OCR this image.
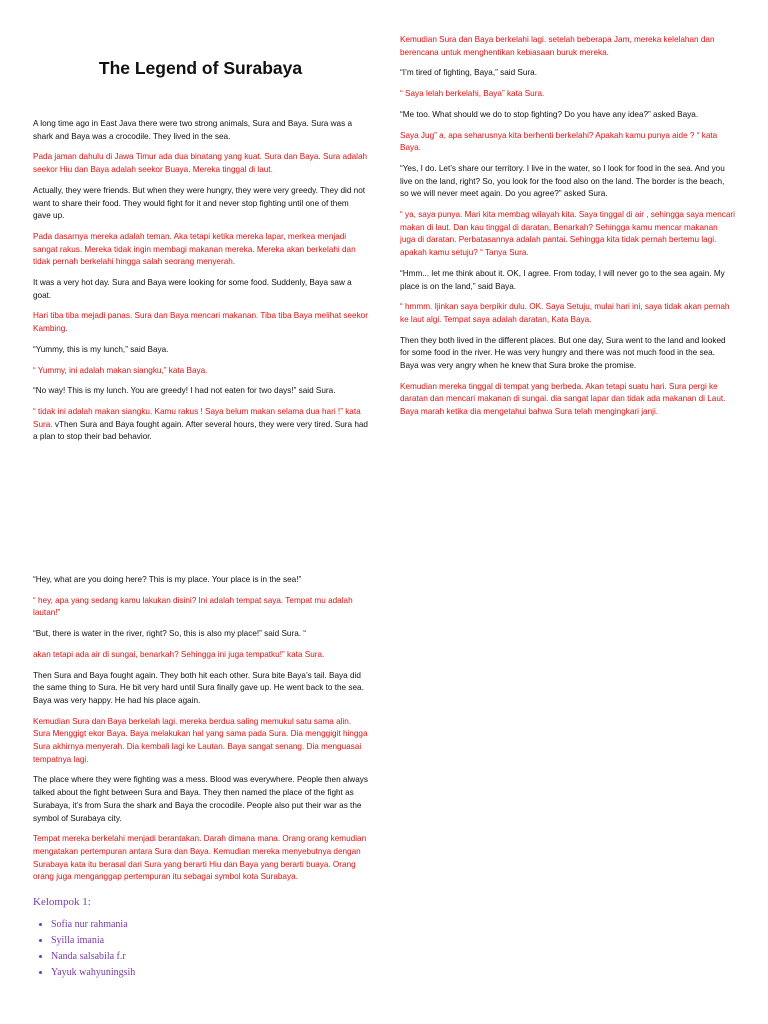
The Legend of Surabaya

A long time ago in East Java there were two strong animals, Sura and Baya. Sura was a shark and Baya was a crocodile. They lived in the sea.

Pada jaman dahulu di Jawa Timur ada dua binatang yang kuat. Sura dan Baya. Sura adalah seekor Hiu dan Baya adalah seekor Buaya. Mereka tinggal di laut.

Actually, they were friends. But when they were hungry, they were very greedy. They did not want to share their food. They would fight for it and never stop fighting until one of them gave up.

Pada dasarnya mereka adalah teman. Aka tetapi ketika mereka lapar, merkea menjadi sangat rakus. Mereka tidak ingin membagi makanan mereka. Mereka akan berkelahi dan tidak pernah berkelahi hingga salah seorang menyerah.

It was a very hot day. Sura and Baya were looking for some food. Suddenly, Baya saw a goat.

Hari tiba tiba mejadi panas. Sura dan Baya mencari makanan. Tiba tiba Baya melihat seekor Kambing.

“Yummy, this is my lunch,” said Baya.

“ Yummy, ini adalah makan siangku,” kata Baya.

“No way! This is my lunch. You are greedy! I had not eaten for two days!” said Sura.

“ tidak ini adalah makan siangku. Kamu rakus ! Saya belum makan selama dua hari !” kata Sura. vThen Sura and Baya fought again. After several hours, they were very tired. Sura had a plan to stop their bad behavior.

“Hey, what are you doing here? This is my place. Your place is in the sea!”

“ hey, apa yang sedang kamu lakukan disini? Ini adalah tempat saya. Tempat mu adalah lautan!”

“But, there is water in the river, right? So, this is also my place!” said Sura. “

akan tetapi ada air di sungai, benarkah? Sehingga ini juga tempatku!” kata Sura.

Then Sura and Baya fought again. They both hit each other. Sura bite Baya’s tail. Baya did the same thing to Sura. He bit very hard until Sura finally gave up. He went back to the sea. Baya was very happy. He had his place again.

Kemudian Sura dan Baya berkelah lagi. mereka berdua saling memukul satu sama alin. Sura Menggigt ekor Baya. Baya melakukan hal yang sama pada Sura. Dia menggigit hingga Sura akhirnya menyerah. Dia kembali lagi ke Lautan. Baya sangat senang. Dia menguasai tempatnya lagi.

The place where they were fighting was a mess. Blood was everywhere. People then always talked about the fight between Sura and Baya. They then named the place of the fight as Surabaya, it’s from Sura the shark and Baya the crocodile. People also put their war as the symbol of Surabaya city.

Tempat mereka berkelahi menjadi berantakan. Darah dimana mana. Orang orang kemudian mengatakan pertempuran antara Sura dan Baya. Kemudian mereka menyebutnya dengan Surabaya kata itu berasal dari Sura yang berarti Hiu dan Baya yang berarti buaya. Orang orang juga menganggap pertempuran itu sebagai symbol kota Surabaya.

Kelompok 1:
• Sofia nur rahmania
• Syilla imania
• Nanda salsabila f.r
• Yayuk wahyuningsih

Kemudian Sura dan Baya berkelahi lagi. setelah beberapa Jam, mereka kelelahan dan berencana untuk menghentikan kebiasaan buruk mereka.

“I’m tired of fighting, Baya,” said Sura.

“ Saya lelah berkelahi, Baya” kata Sura.

“Me too. What should we do to stop fighting? Do you have any idea?” asked Baya.

Saya Jug” a, apa seharusnya kita berhenti berkelahi? Apakah kamu punya aide ? “ kata Baya.

“Yes, I do. Let’s share our territory. I live in the water, so I look for food in the sea. And you live on the land, right? So, you look for the food also on the land. The border is the beach, so we will never meet again. Do you agree?” asked Sura.

“ ya, saya punya. Mari kita membag wilayah kita. Saya tinggal di air , sehingga saya mencari makan di laut. Dan kau tinggal di daratan, Benarkah? Sehingga kamu mencar makanan juga di daratan. Perbatasannya adalah pantai. Sehingga kita tidak pernah bertemu lagi. apakah kamu setuju? “ Tanya Sura.

“Hmm... let me think about it. OK, I agree. From today, I will never go to the sea again. My place is on the land,” said Baya.

“ hmmm. Ijinkan saya berpikir dulu. OK. Saya Setuju, mulai hari ini, saya tidak akan pernah ke laut algi. Tempat saya adalah daratan, Kata Baya.

Then they both lived in the different places. But one day, Sura went to the land and looked for some food in the river. He was very hungry and there was not much food in the sea. Baya was very angry when he knew that Sura broke the promise.

Kemudian mereka tinggal di tempat yang berbeda. Akan tetapi suatu hari. Sura pergi ke daratan dan mencari makanan di sungai. dia sangat lapar dan tidak ada makanan di Laut. Baya marah ketika dia mengetahui bahwa Sura telah mengingkari janji.
